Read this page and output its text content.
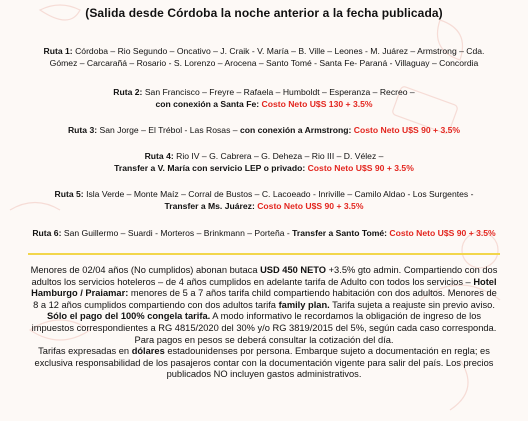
(Salida desde Córdoba la noche anterior a la fecha publicada)
Ruta 1: Córdoba – Rio Segundo – Oncativo – J. Craik - V. María – B. Ville – Leones - M. Juárez – Armstrong – Cda.
Gómez – Carcarañá – Rosario - S. Lorenzo – Arocena – Santo Tomé - Santa Fe- Paraná - Villaguay – Concordia
Ruta 2: San Francisco – Freyre – Rafaela – Humboldt – Esperanza – Recreo –
con conexión a Santa Fe: Costo Neto U$S 130 + 3.5%
Ruta 3: San Jorge – El Trébol - Las Rosas – con conexión a Armstrong: Costo Neto U$S 90 + 3.5%
Ruta 4: Rio IV – G. Cabrera – G. Deheza – Rio III – D. Vélez –
Transfer a V. María con servicio LEP o privado: Costo Neto U$S 90 + 3.5%
Ruta 5: Isla Verde – Monte Maíz – Corral de Bustos – C. Lacoeado - Inriville – Camilo Aldao - Los Surgentes -
Transfer a Ms. Juárez: Costo Neto U$S 90 + 3.5%
Ruta 6: San Guillermo – Suardi - Morteros – Brinkmann – Porteña - Transfer a Santo Tomé: Costo Neto U$S 90 + 3.5%

Menores de 02/04 años (No cumplidos) abonan butaca USD 450 NETO +3.5% gto admin. Compartiendo con dos adultos los servicios hoteleros – de 4 años cumplidos en adelante tarifa de Adulto con todos los servicios – Hotel Hamburgo / Praiamar: menores de 5 a 7 años tarifa child compartiendo habitación con dos adultos. Menores de 8 a 12 años cumplidos compartiendo con dos adultos tarifa family plan. Tarifa sujeta a reajuste sin previo aviso. Sólo el pago del 100% congela tarifa. A modo informativo le recordamos la obligación de ingreso de los impuestos correspondientes a RG 4815/2020 del 30% y/o RG 3819/2015 del 5%, según cada caso corresponda. Para pagos en pesos se deberá consultar la cotización del día.

Tarifas expresadas en dólares estadounidenses por persona. Embarque sujeto a documentación en regla; es exclusiva responsabilidad de los pasajeros contar con la documentación vigente para salir del país. Los precios publicados NO incluyen gastos administrativos.
